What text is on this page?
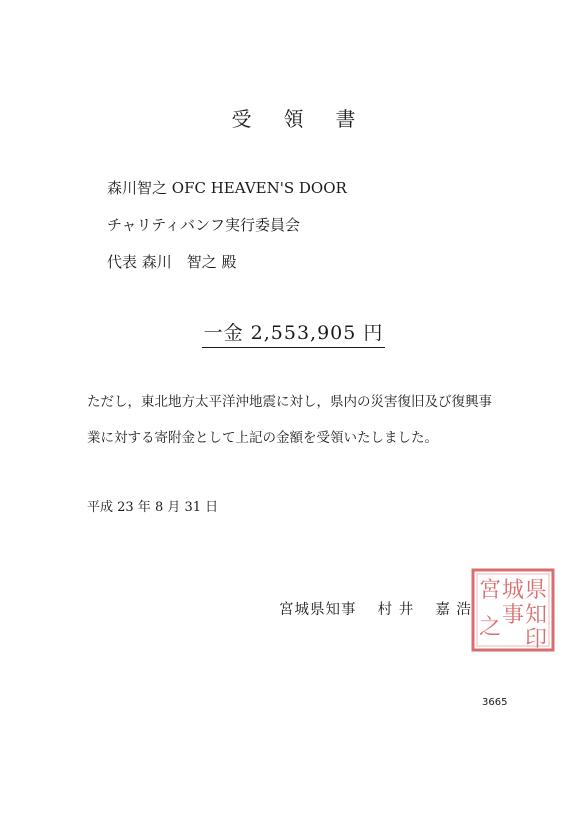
受 領 書
森川智之 OFC HEAVEN'S DOOR
チャリティバンフ実行委員会
代表 森川　智之 殿
一金 2,553,905 円
ただし，東北地方太平洋沖地震に対し，県内の災害復旧及び復興事
業に対する寄附金として上記の金額を受領いたしました。
平成 23 年 8 月 31 日
宮城県知事　 村 井　 嘉 浩
県
知
印
城
事
宮
之
3665
